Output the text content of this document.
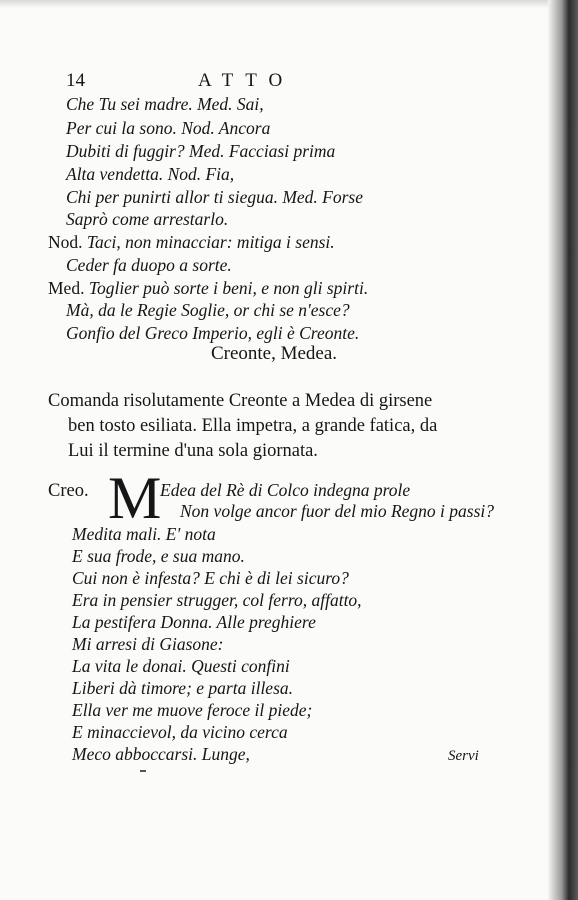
14	ATTO
Che Tu sei madre. Med. Sai,
Per cui la sono. Nod. Ancora
Dubiti di fuggir? Med. Facciasi prima
Alta vendetta. Nod. Fia,
Chi per punirti allor ti siegua. Med. Forse
Saprò come arrestarlo.
Nod. Taci, non minacciar: mitiga i sensi.
Ceder fa duopo a sorte.
Med. Toglier può sorte i beni, e non gli spirti.
Mà, da le Regie Soglie, or chi se n'esce?
Gonfio del Greco Imperio, egli è Creonte.
Creonte, Medea.
Comanda risolutamente Creonte a Medea di girsene
ben tosto esiliata. Ella impetra, a grande fatica, da
Lui il termine d'una sola giornata.
Creo. M
Edea del Rè di Colco indegna prole
Non volge ancor fuor del mio Regno i passi?
Medita mali. E' nota
E sua frode, e sua mano.
Cui non è infesta? E chi è di lei sicuro?
Era in pensier strugger, col ferro, affatto,
La pestifera Donna. Alle preghiere
Mi arresi di Giasone:
La vita le donai. Questi confini
Liberi dà timore; e parta illesa.
Ella ver me muove feroce il piede;
E minaccievol, da vicino cerca
Meco abboccarsi. Lunge,	Servi
